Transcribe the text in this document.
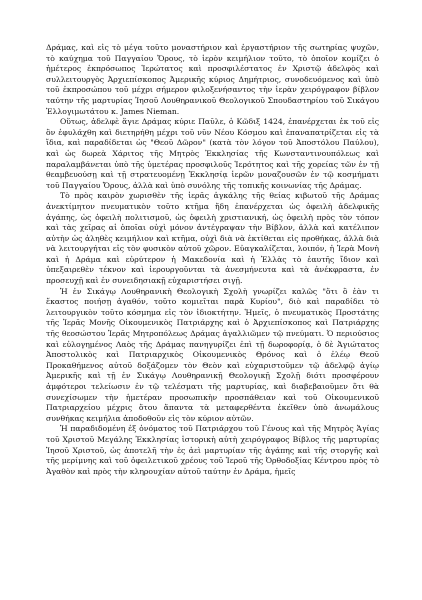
Δράμας, καὶ εἰς τὸ μέγα τοῦτο μοναστήριον καὶ ἐργαστήριον τῆς σωτηρίας ψυχῶν, τὸ καύχημα τοῦ Παγγαίου Ὄρους, τὸ ἱερὸν κειμήλιον τοῦτο, τὸ ὁποῖον κομίζει ὁ ἡμέτερος ἐκπρόσωπος Ἱερώτατος καὶ προσφιλέστατος ἐν Χριστῷ ἀδελφὸς καὶ συλλειτουργὸς Ἀρχιεπίσκοπος Ἀμερικῆς κύριος Δημήτριος, συνοδευόμενος καὶ ὑπὸ τοῦ ἐκπροσώπου τοῦ μέχρι σήμερον φιλοξενήσαντος τὴν ἱερὰν χειρόγραφον βίβλον ταύτην τῆς μαρτυρίας Ἰησοῦ Λουθηρανικοῦ Θεολογικοῦ Σπουδαστηρίου τοῦ Σικάγου Ἐλλογιμωτάτου κ. James Nieman.

Οὕτως, ἀδελφὲ ἅγιε Δράμας κύριε Παῦλε, ὁ Κῶδιξ 1424, ἐπανέρχεται ἐκ τοῦ εἰς ὃν ἐφυλάχθη καὶ διετηρήθη μέχρι τοῦ νῦν Νέου Κόσμου καὶ ἐπαναπατρίζεται εἰς τὰ ἴδια, καὶ παραδίδεται ὡς "Θεοῦ Δῶρον" (κατὰ τὸν λόγον τοῦ Ἀποστόλου Παύλου), καὶ ὡς δωρεὰ Χάριτος τῆς Μητρὸς Ἐκκλησίας τῆς Κωνσταντινουπόλεως καὶ παραλαμβάνεται ὑπὸ τῆς ὑμετέρας προσφιλοῦς Ἱερότητος καὶ τῆς χορείας τῶν ἐν τῇ θεαμβευούσῃ καὶ τῇ στρατευομένῃ Ἐκκλησίᾳ ἱερῶν μοναζουσῶν ἐν τῷ κοσμήματι τοῦ Παγγαίου Ὄρους, ἀλλὰ καὶ ὑπὸ συνόλης τῆς τοπικῆς κοινωνίας τῆς Δράμας.

Τὸ πρὸς καιρὸν χωρισθὲν τῆς ἱερᾶς ἀγκάλης τῆς θείας κιβωτοῦ τῆς Δράμας ἀνεκτίμητον πνευματικὸν τοῦτο κτῆμα ἤδη ἐπανέρχεται ὡς ὀφειλὴ ἀδελφικῆς ἀγάπης, ὡς ὀφειλὴ πολιτισμοῦ, ὡς ὀφειλὴ χριστιανική, ὡς ὀφειλὴ πρὸς τὸν τόπον καὶ τὰς χεῖρας αἱ ὁποῖαι οὐχὶ μόνον ἀντέγραψαν τὴν Βίβλον, ἀλλὰ καὶ κατέλιπον αὐτὴν ὡς ἀληθὲς κειμήλιον καὶ κτῆμα, οὐχὶ διὰ νὰ ἐκτίθεται εἰς προθήκας, ἀλλὰ διὰ νὰ λειτουργήται εἰς τὸν φυσικὸν αὐτοῦ χῶρον. Εὐαγκαλίζεται, λοιπόν, ἡ Ἱερὰ Μονὴ καὶ ἡ Δράμα καὶ εὐρύτερον ἡ Μακεδονία καὶ ἡ Ἑλλὰς τὸ ἑαυτῆς ἴδιον καὶ ὑπεξαιρεθὲν τέκνον καὶ ἱερουργοῦνται τὰ ἀνεσμήνευτα καὶ τὰ ἀνέκφραστα, ἐν προσευχῇ καὶ ἐν συνειδησιακῇ εὐχαριστήσει σιγῇ.

Ἡ ἐν Σικάγῳ Λουθηρανικὴ Θεολογικὴ Σχολὴ γνωρίζει καλῶς "ὅτι ὃ ἐὰν τι ἕκαστος ποιήσῃ ἀγαθόν, τοῦτο κομιεῖται παρὰ Κυρίου", διὸ καὶ παραδίδει τὸ λειτουργικὸν τοῦτο κόσμημα εἰς τὸν ἰδιοκτήτην. Ἡμεῖς, ὁ πνευματικὸς Προστάτης τῆς Ἱερᾶς Μονῆς Οἰκουμενικὸς Πατριάρχης καὶ ὁ Ἀρχιεπίσκοπος καὶ Πατριάρχης τῆς θεοσώστου Ἱερᾶς Μητροπόλεως Δράμας ἀγαλλιῶμεν τῷ πνεύματι. Ὁ περιούσιος καὶ εὐλογημένος Λαὸς τῆς Δράμας πανηγυρίζει ἐπὶ τῇ δωροφορίᾳ, ὁ δὲ Ἀγιώτατος Ἀποστολικὸς καὶ Πατριαρχικὸς Οἰκουμενικὸς Θρόνος καὶ ὁ ἐλέῳ Θεοῦ Προκαθήμενος αὐτοῦ δοξάζομεν τὸν Θεὸν καὶ εὐχαριστοῦμεν τῷ ἀδελφῷ ἁγίῳ Ἀμερικῆς καὶ τῇ ἐν Σικάγῳ Λουθηρανικῇ Θεολογικῇ Σχολῇ διότι προσφέρουν ἀμφότεροι τελείωσιν ἐν τῷ τελέσματι τῆς μαρτυρίας, καὶ διαβεβαιοῦμεν ὅτι θὰ συνεχίσωμεν τὴν ἡμετέραν προσωπικὴν προσπάθειαν καὶ τοῦ Οἰκουμενικοῦ Πατριαρχείου μέχρις ὅτου ἅπαντα τὰ μεταφερθέντα ἐκεῖθεν ὑπὸ ἀνωμάλους συνθήκας κειμήλια ἀποδοθοῦν εἰς τὸν κύριον αὐτῶν.

Ἡ παραδιδομένη ἐξ ὀνόματος τοῦ Πατριάρχου τοῦ Γένους καὶ τῆς Μητρὸς Ἁγίας τοῦ Χριστοῦ Μεγάλης Ἐκκλησίας ἱστορικὴ αὐτὴ χειρόγραφος Βίβλος τῆς μαρτυρίας Ἰησοῦ Χριστοῦ, ὡς ἀποτελῆ τὴν ἐς ἀεὶ μαρτυρίαν τῆς ἀγάπης καὶ τῆς στοργῆς καὶ τῆς μερίμνης καὶ τοῦ ὀφειλετικοῦ χρέους τοῦ Ἱεροῦ τῆς Ὀρθοδοξίας Κέντρου πρὸς τὸ Ἀγαθὸν καὶ πρὸς τὴν κληρουχίαν αὐτοῦ ταύτην ἐν Δράμα, ἡμεῖς
